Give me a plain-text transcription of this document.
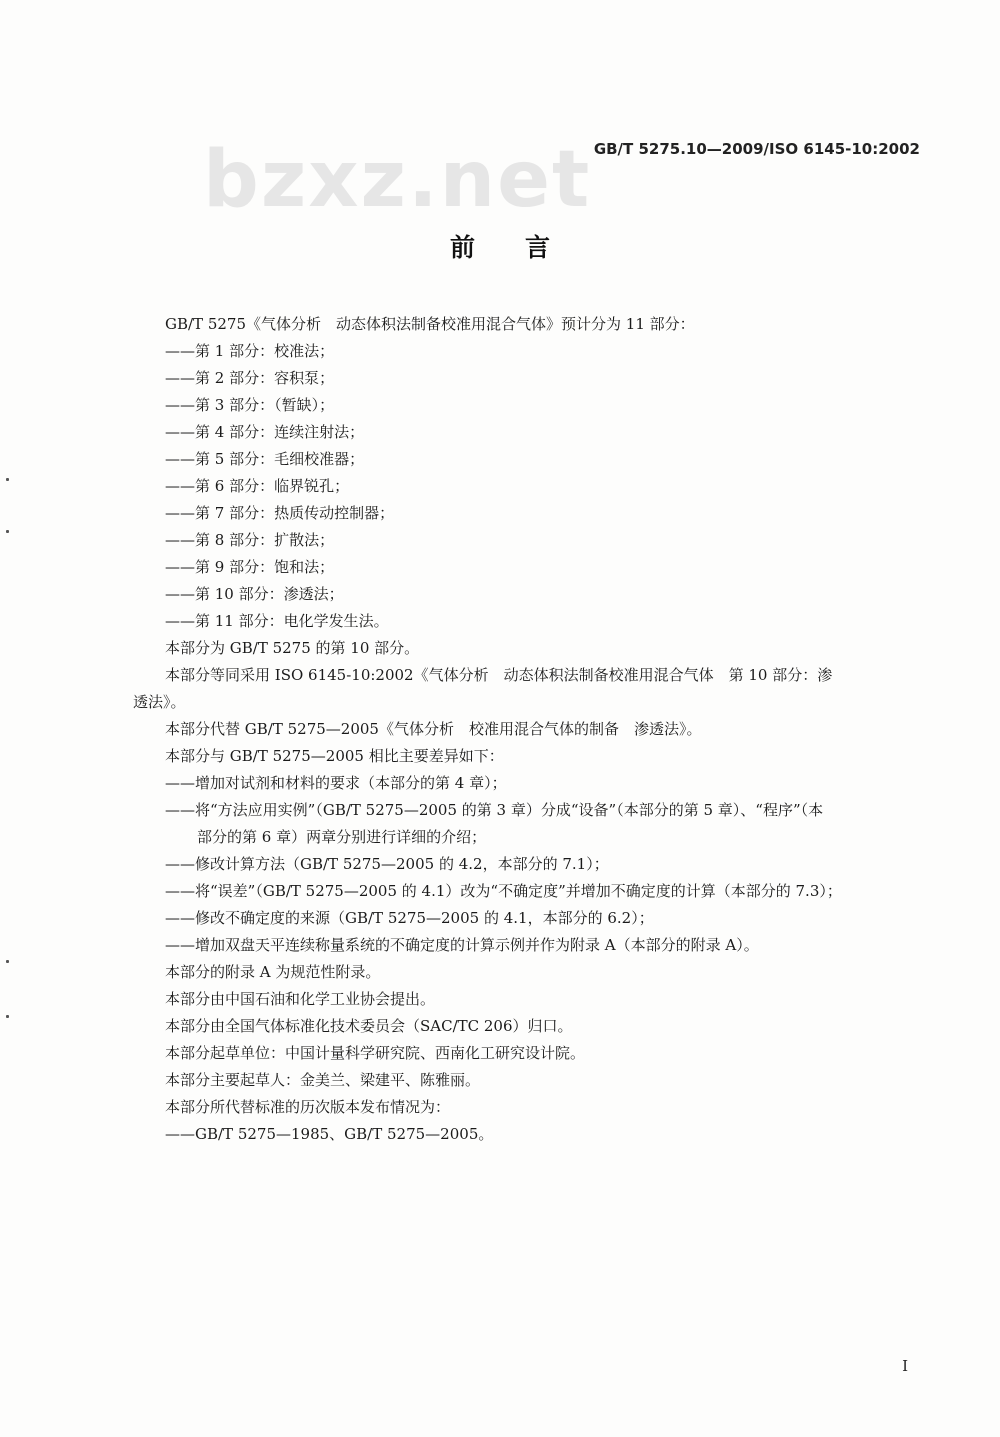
bzxz.net GB/T 5275.10—2009/ISO 6145-10:2002
前言
GB/T 5275《气体分析　动态体积法制备校准用混合气体》预计分为 11 部分：
——第 1 部分：校准法；
——第 2 部分：容积泵；
——第 3 部分：（暂缺）；
——第 4 部分：连续注射法；
——第 5 部分：毛细校准器；
——第 6 部分：临界锐孔；
——第 7 部分：热质传动控制器；
——第 8 部分：扩散法；
——第 9 部分：饱和法；
——第 10 部分：渗透法；
——第 11 部分：电化学发生法。
本部分为 GB/T 5275 的第 10 部分。
本部分等同采用 ISO 6145-10:2002《气体分析　动态体积法制备校准用混合气体　第 10 部分：渗
透法》。
本部分代替 GB/T 5275—2005《气体分析　校准用混合气体的制备　渗透法》。
本部分与 GB/T 5275—2005 相比主要差异如下：
——增加对试剂和材料的要求（本部分的第 4 章）；
——将“方法应用实例”（GB/T 5275—2005 的第 3 章）分成“设备”（本部分的第 5 章）、“程序”（本
部分的第 6 章）两章分别进行详细的介绍；
——修改计算方法（GB/T 5275—2005 的 4.2，本部分的 7.1）；
——将“误差”（GB/T 5275—2005 的 4.1）改为“不确定度”并增加不确定度的计算（本部分的 7.3）；
——修改不确定度的来源（GB/T 5275—2005 的 4.1，本部分的 6.2）；
——增加双盘天平连续称量系统的不确定度的计算示例并作为附录 A（本部分的附录 A）。
本部分的附录 A 为规范性附录。
本部分由中国石油和化学工业协会提出。
本部分由全国气体标准化技术委员会（SAC/TC 206）归口。
本部分起草单位：中国计量科学研究院、西南化工研究设计院。
本部分主要起草人：金美兰、梁建平、陈雅丽。
本部分所代替标准的历次版本发布情况为：
——GB/T 5275—1985、GB/T 5275—2005。
I
